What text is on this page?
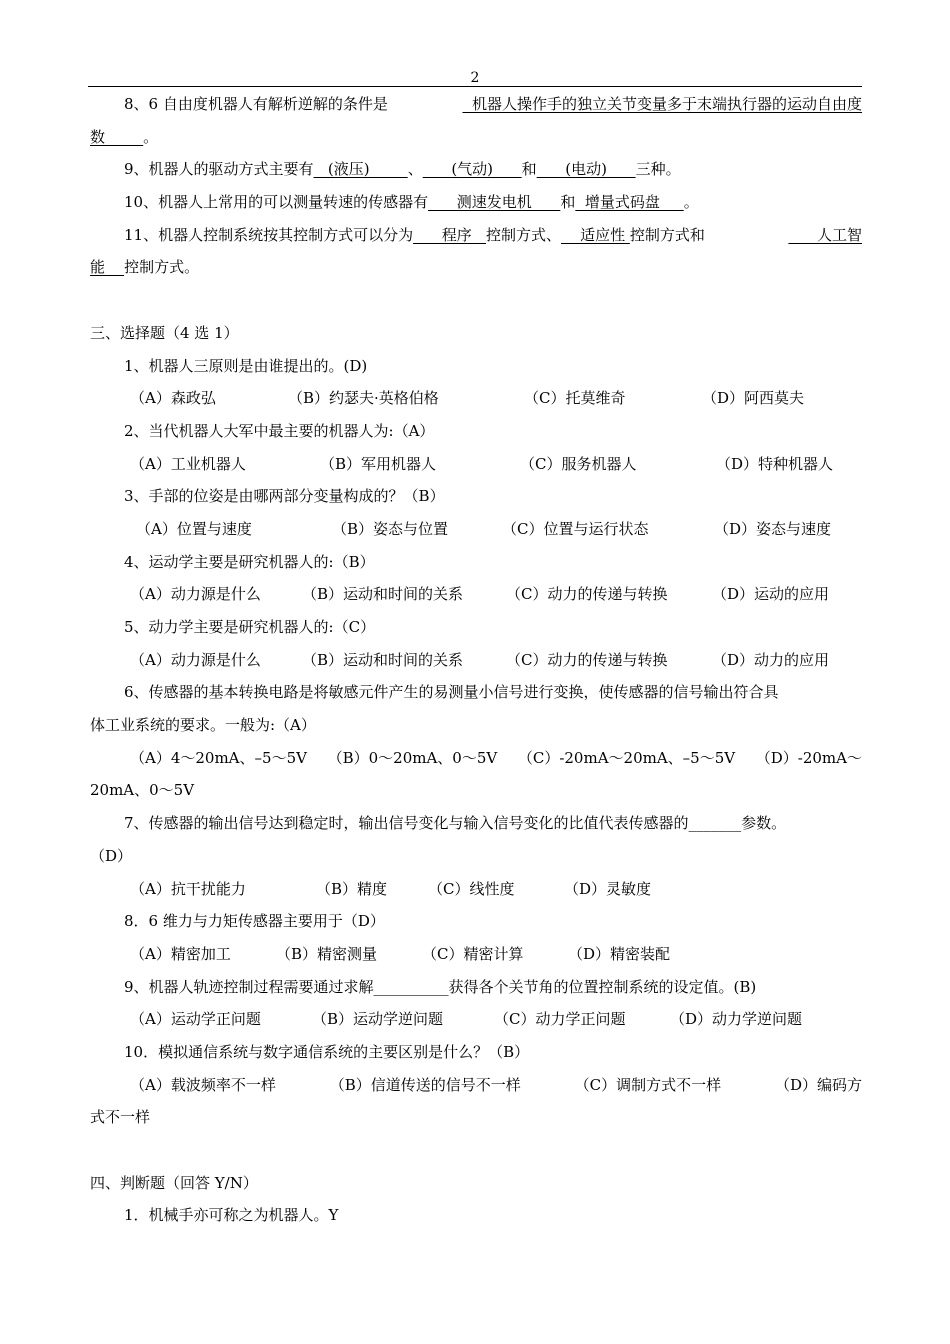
2
8、6 自由度机器人有解析逆解的条件是	机器人操作手的独立关节变量多于末端执行器的运动自由度
数	。
9、机器人的驱动方式主要有   (液压)        、      (气动)      和      (电动)      三种。
10、机器人上常用的可以测量转速的传感器有      测速发电机      和  增量式码盘     。
11、机器人控制系统按其控制方式可以分为      程序   控制方式、    适应性 控制方式和	人工智
能 控制方式。
三、选择题（4 选 1）
1、机器人三原则是由谁提出的。(D)
（A）森政弘	（B）约瑟夫·英格伯格	（C）托莫维奇	（D）阿西莫夫
2、当代机器人大军中最主要的机器人为:（A）
（A）工业机器人	（B）军用机器人	（C）服务机器人	（D）特种机器人
3、手部的位姿是由哪两部分变量构成的？（B）
（A）位置与速度	（B）姿态与位置	（C）位置与运行状态	（D）姿态与速度
4、运动学主要是研究机器人的:（B）
（A）动力源是什么	（B）运动和时间的关系	（C）动力的传递与转换	（D）运动的应用
5、动力学主要是研究机器人的:（C）
（A）动力源是什么	（B）运动和时间的关系	（C）动力的传递与转换	（D）动力的应用
6、传感器的基本转换电路是将敏感元件产生的易测量小信号进行变换，使传感器的信号输出符合具
体工业系统的要求。一般为:（A）
（A）4～20mA、–5～5V （B）0～20mA、0～5V （C）-20mA～20mA、–5～5V （D）-20mA～
20mA、0～5V
7、传感器的输出信号达到稳定时，输出信号变化与输入信号变化的比值代表传感器的_______参数。
（D）
（A）抗干扰能力	（B）精度	（C）线性度	（D）灵敏度
8．6 维力与力矩传感器主要用于（D）
（A）精密加工	（B）精密测量	（C）精密计算	（D）精密装配
9、机器人轨迹控制过程需要通过求解__________获得各个关节角的位置控制系统的设定值。(B)
（A）运动学正问题	（B）运动学逆问题	（C）动力学正问题	（D）动力学逆问题
10．模拟通信系统与数字通信系统的主要区别是什么？（B）
（A）载波频率不一样	（B）信道传送的信号不一样	（C）调制方式不一样	（D）编码方
式不一样
四、判断题（回答 Y/N）
1．机械手亦可称之为机器人。Y
